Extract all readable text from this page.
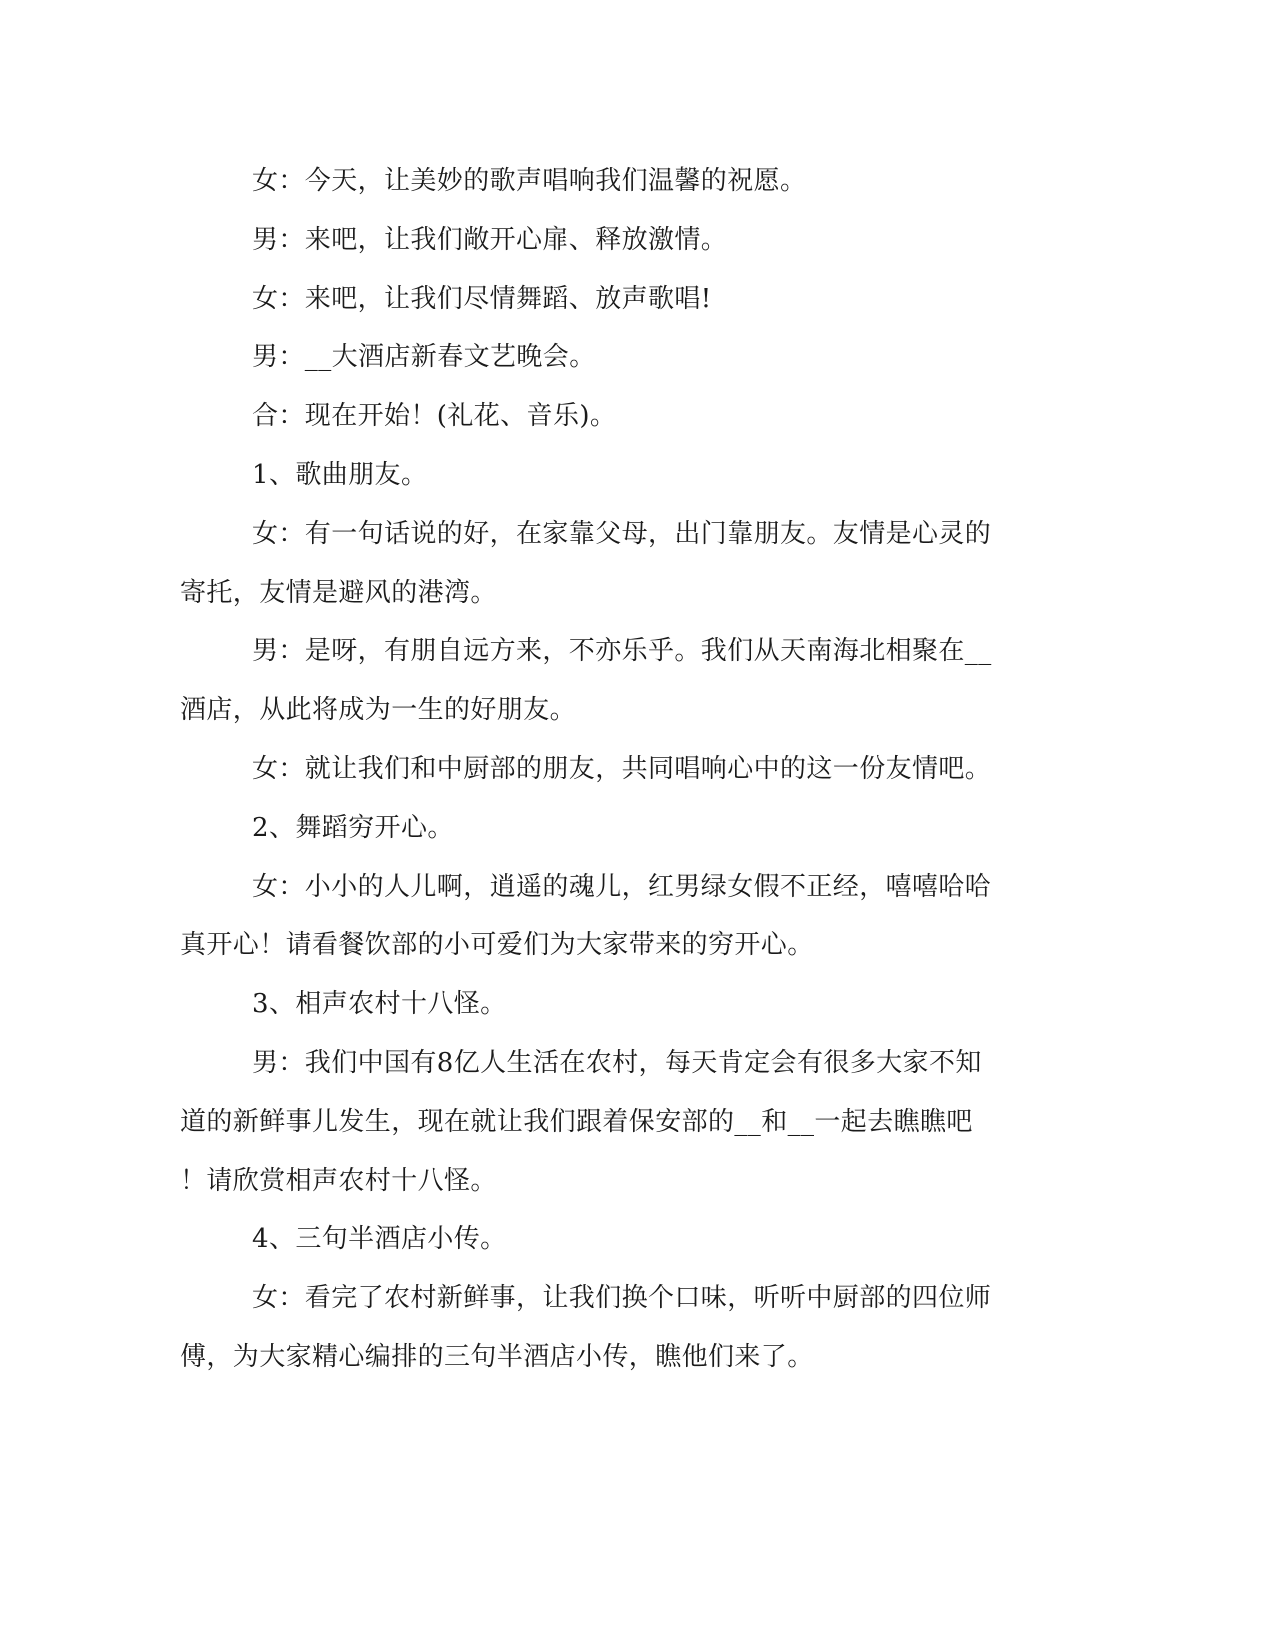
女：今天，让美妙的歌声唱响我们温馨的祝愿。
男：来吧，让我们敞开心扉、释放激情。
女：来吧，让我们尽情舞蹈、放声歌唱!
男：__大酒店新春文艺晚会。
合：现在开始！(礼花、音乐)。
1、歌曲朋友。
女：有一句话说的好，在家靠父母，出门靠朋友。友情是心灵的
寄托，友情是避风的港湾。
男：是呀，有朋自远方来，不亦乐乎。我们从天南海北相聚在__
酒店，从此将成为一生的好朋友。
女：就让我们和中厨部的朋友，共同唱响心中的这一份友情吧。
2、舞蹈穷开心。
女：小小的人儿啊，逍遥的魂儿，红男绿女假不正经，嘻嘻哈哈
真开心！请看餐饮部的小可爱们为大家带来的穷开心。
3、相声农村十八怪。
男：我们中国有8亿人生活在农村，每天肯定会有很多大家不知
道的新鲜事儿发生，现在就让我们跟着保安部的__和__一起去瞧瞧吧
！请欣赏相声农村十八怪。
4、三句半酒店小传。
女：看完了农村新鲜事，让我们换个口味，听听中厨部的四位师
傅，为大家精心编排的三句半酒店小传，瞧他们来了。
